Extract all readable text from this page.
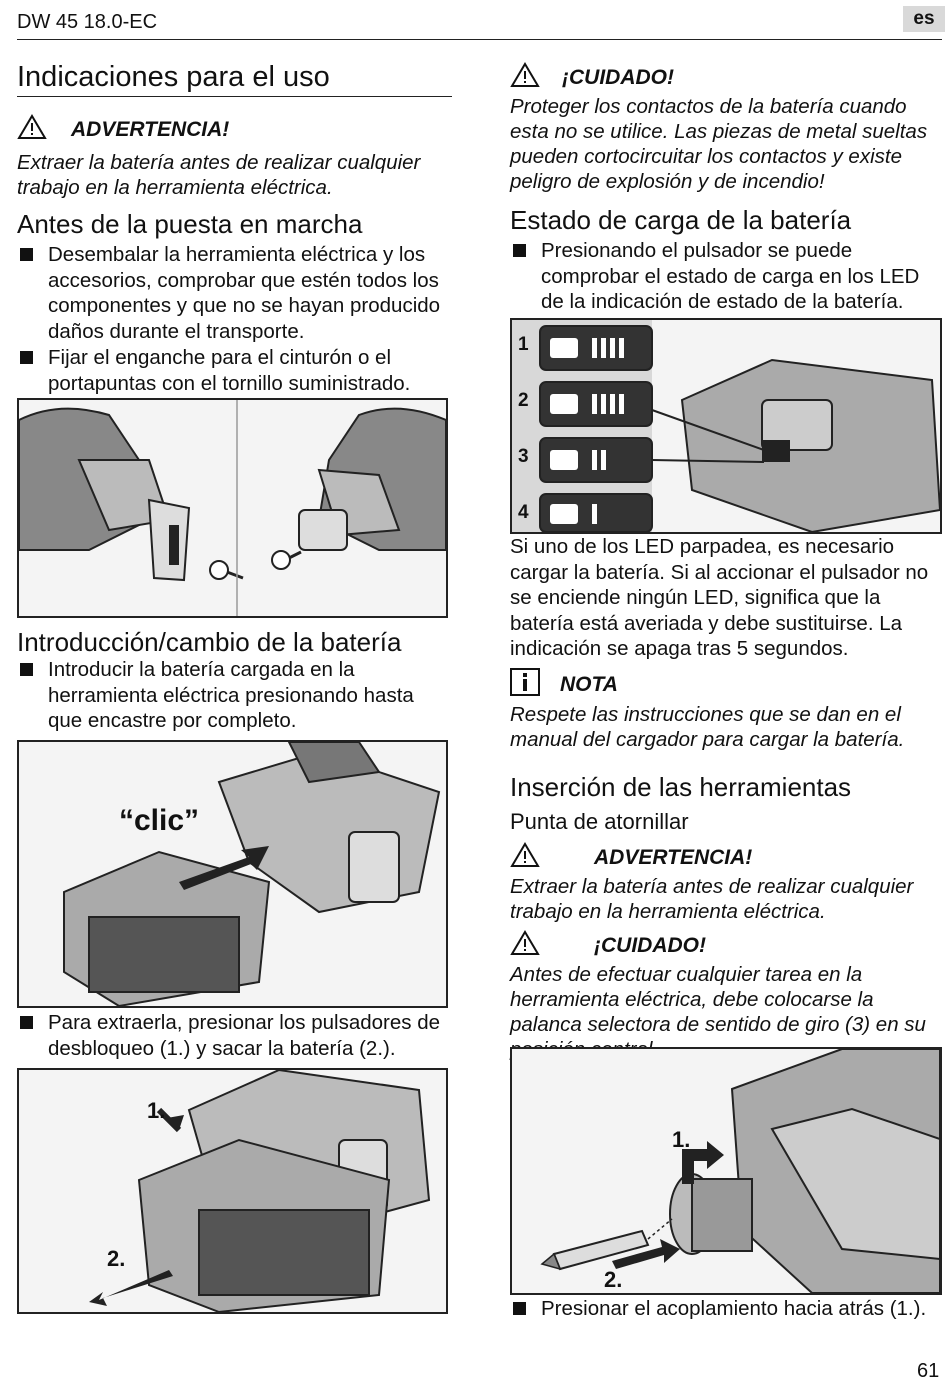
DW 45 18.0-EC	es
Indicaciones para el uso
ADVERTENCIA!
Extraer la batería antes de realizar cualquier trabajo en la herramienta eléctrica.
Antes de la puesta en marcha
Desembalar la herramienta eléctrica y los accesorios, comprobar que estén todos los componentes y que no se hayan producido daños durante el transporte.
Fijar el enganche para el cinturón o el portapuntas con el tornillo suministrado.
Introducción/cambio de la batería
Introducir la batería cargada en la herramienta eléctrica presionando hasta que encastre por completo.
“clic”
Para extraerla, presionar los pulsadores de desbloqueo (1.) y sacar la batería (2.).
1.
2.
¡CUIDADO!
Proteger los contactos de la batería cuando esta no se utilice. Las piezas de metal sueltas pueden cortocircuitar los contactos y existe peligro de explosión y de incendio!
Estado de carga de la batería
Presionando el pulsador se puede comprobar el estado de carga en los LED de la indicación de estado de la batería.
1
2
3
4
Si uno de los LED parpadea, es necesario cargar la batería. Si al accionar el pulsador no se enciende ningún LED, significa que la batería está averiada y debe sustituirse. La indicación se apaga tras 5 segundos.
NOTA
Respete las instrucciones que se dan en el manual del cargador para cargar la batería.
Inserción de las herramientas
Punta de atornillar
ADVERTENCIA!
Extraer la batería antes de realizar cualquier trabajo en la herramienta eléctrica.
¡CUIDADO!
Antes de efectuar cualquier tarea en la herramienta eléctrica, debe colocarse la palanca selectora de sentido de giro (3) en su
1.
2.
Presionar el acoplamiento hacia atrás (1.).
61
